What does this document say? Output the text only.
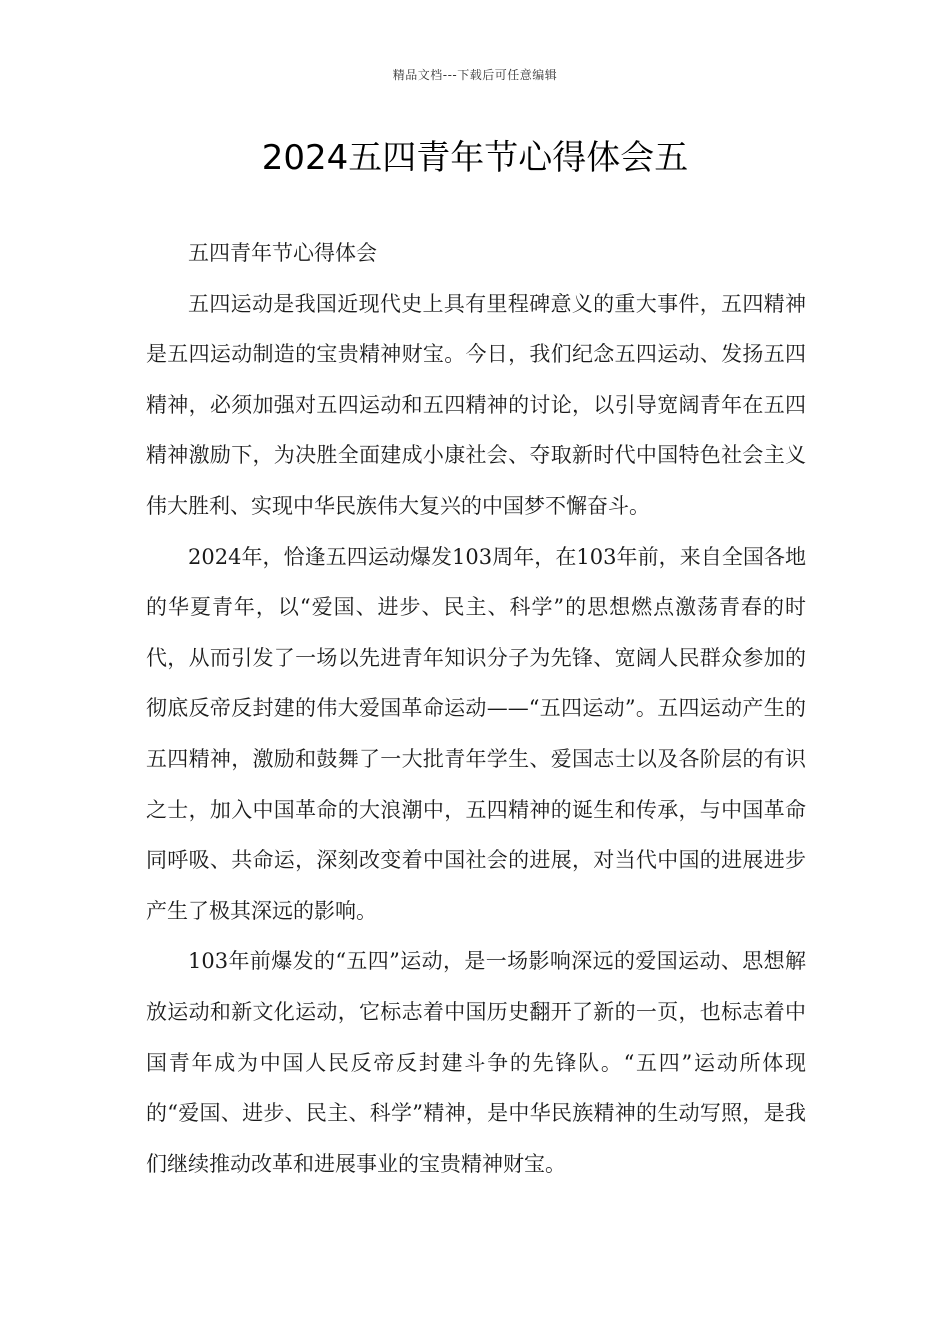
精品文档---下载后可任意编辑
2024五四青年节心得体会五

五四青年节心得体会

五四运动是我国近现代史上具有里程碑意义的重大事件，五四精神是五四运动制造的宝贵精神财宝。今日，我们纪念五四运动、发扬五四精神，必须加强对五四运动和五四精神的讨论，以引导宽阔青年在五四精神激励下，为决胜全面建成小康社会、夺取新时代中国特色社会主义伟大胜利、实现中华民族伟大复兴的中国梦不懈奋斗。

2024年，恰逢五四运动爆发103周年，在103年前，来自全国各地的华夏青年，以“爱国、进步、民主、科学”的思想燃点激荡青春的时代，从而引发了一场以先进青年知识分子为先锋、宽阔人民群众参加的彻底反帝反封建的伟大爱国革命运动——“五四运动”。五四运动产生的五四精神，激励和鼓舞了一大批青年学生、爱国志士以及各阶层的有识之士，加入中国革命的大浪潮中，五四精神的诞生和传承，与中国革命同呼吸、共命运，深刻改变着中国社会的进展，对当代中国的进展进步产生了极其深远的影响。

103年前爆发的“五四”运动，是一场影响深远的爱国运动、思想解放运动和新文化运动，它标志着中国历史翻开了新的一页，也标志着中国青年成为中国人民反帝反封建斗争的先锋队。“五四”运动所体现的“爱国、进步、民主、科学”精神，是中华民族精神的生动写照，是我们继续推动改革和进展事业的宝贵精神财宝。
